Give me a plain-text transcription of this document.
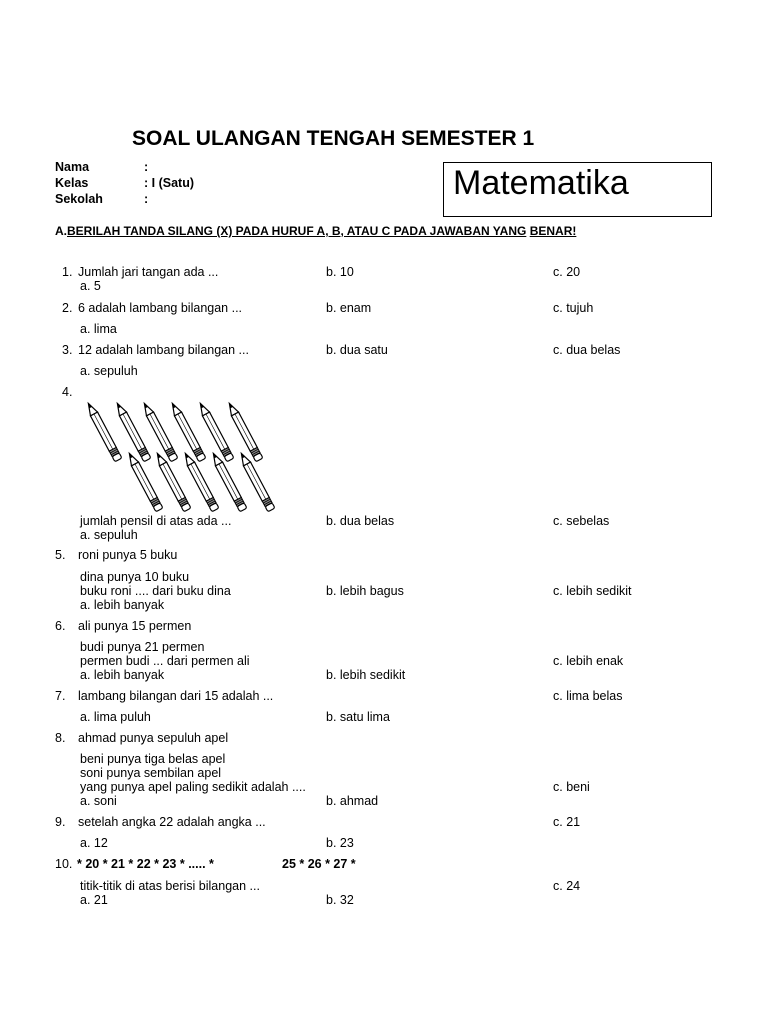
SOAL ULANGAN TENGAH SEMESTER 1
Nama	:
Kelas	: I (Satu)
Sekolah	:	Matematika
A.BERILAH TANDA SILANG (X) PADA HURUF A, B, ATAU C PADA JAWABAN YANG BENAR!
1. Jumlah jari tangan ada ...	b. 10	c. 20
a. 5
2. 6 adalah lambang bilangan ...	b. enam	c. tujuh
a. lima
3. 12 adalah lambang bilangan ...	b. dua satu	c. dua belas
a. sepuluh
4.
jumlah pensil di atas ada ...	b. dua belas	c. sebelas
a. sepuluh
5. roni punya 5 buku
dina punya 10 buku
buku roni .... dari buku dina	b. lebih bagus	c. lebih sedikit
a. lebih banyak
6. ali punya 15 permen
budi punya 21 permen
permen budi ... dari permen ali	c. lebih enak
a. lebih banyak	b. lebih sedikit
7. lambang bilangan dari 15 adalah ...	c. lima belas
a. lima puluh	b. satu lima
8. ahmad punya sepuluh apel
beni punya tiga belas apel
soni punya sembilan apel
yang punya apel paling sedikit adalah ....	c. beni
a. soni	b. ahmad
9. setelah angka 22 adalah angka ...	c. 21
a. 12	b. 23
10. * 20 * 21 * 22 * 23 * ..... *	25 * 26 * 27 *
titik-titik di atas berisi bilangan ...	c. 24
a. 21	b. 32
